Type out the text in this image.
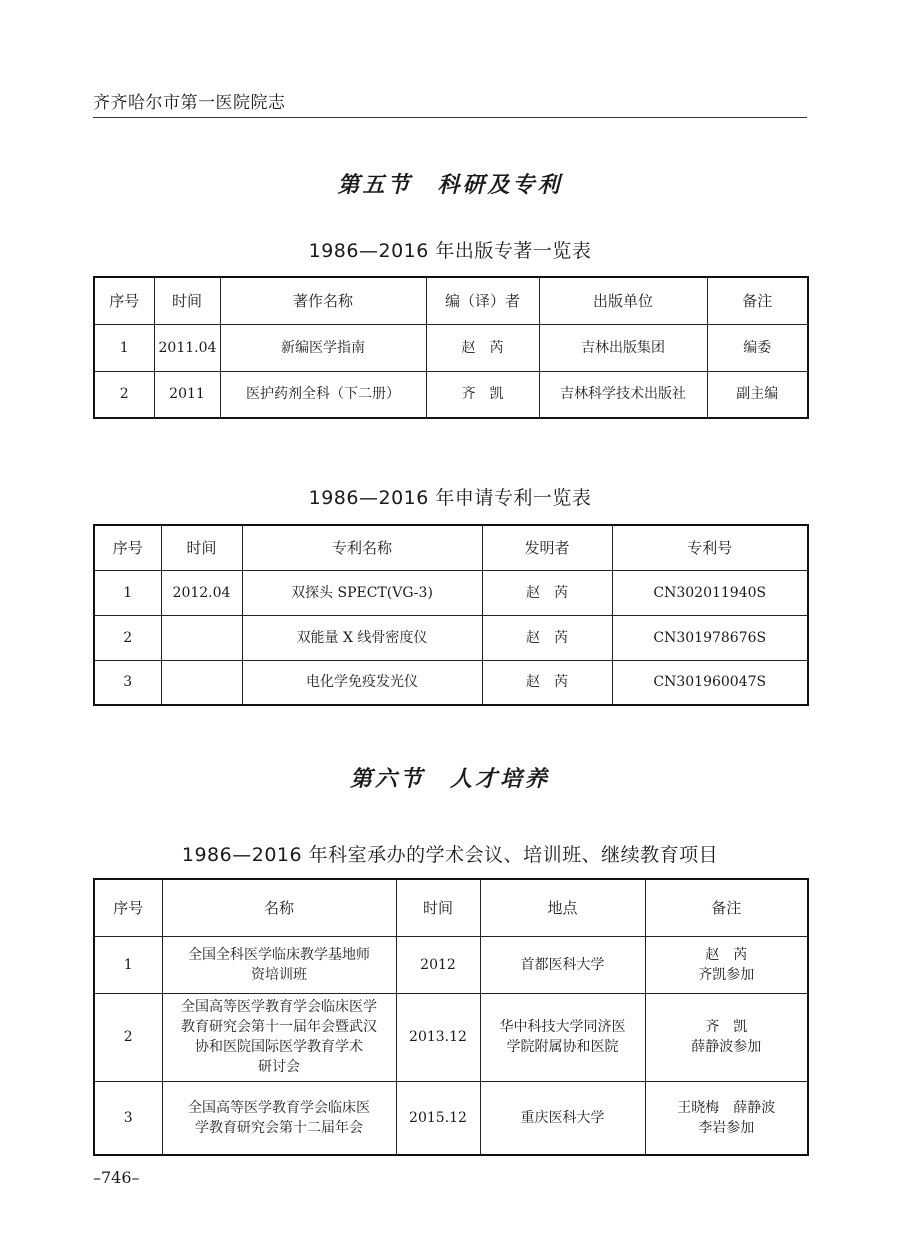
齐齐哈尔市第一医院院志
第五节　科研及专利
1986—2016 年出版专著一览表
序号	时间	著作名称	编（译）者	出版单位	备注
1	2011.04	新编医学指南	赵　芮	吉林出版集团	编委
2	2011	医护药剂全科（下二册）	齐　凯	吉林科学技术出版社	副主编
1986—2016 年申请专利一览表
序号	时间	专利名称	发明者	专利号
1	2012.04	双探头 SPECT(VG-3)	赵　芮	CN302011940S
2		双能量 X 线骨密度仪	赵　芮	CN301978676S
3		电化学免疫发光仪	赵　芮	CN301960047S
第六节　人才培养
1986—2016 年科室承办的学术会议、培训班、继续教育项目
序号	名称	时间	地点	备注
1	全国全科医学临床教学基地师
资培训班	2012	首都医科大学	赵　芮
齐凯参加
2	全国高等医学教育学会临床医学
教育研究会第十一届年会暨武汉
协和医院国际医学教育学术
研讨会	2013.12	华中科技大学同济医
学院附属协和医院	齐　凯
薛静波参加
3	全国高等医学教育学会临床医
学教育研究会第十二届年会	2015.12	重庆医科大学	王晓梅　薛静波
李岩参加
–746–
